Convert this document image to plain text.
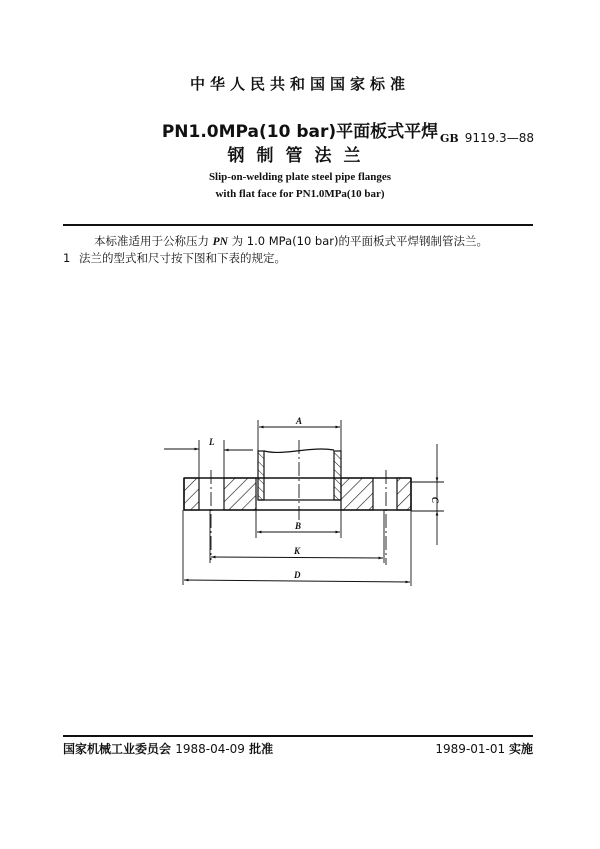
中华人民共和国国家标准
PN1.0MPa(10 bar)平面板式平焊
钢制管法兰
GB 9119.3—88
Slip-on-welding plate steel pipe flanges
with flat face for PN1.0MPa(10 bar)
本标准适用于公称压力 PN 为 1.0 MPa(10 bar)的平面板式平焊钢制管法兰。
1 法兰的型式和尺寸按下图和下表的规定。
A
L
B
K
D
C
国家机械工业委员会 1988-04-09 批准	1989-01-01 实施
